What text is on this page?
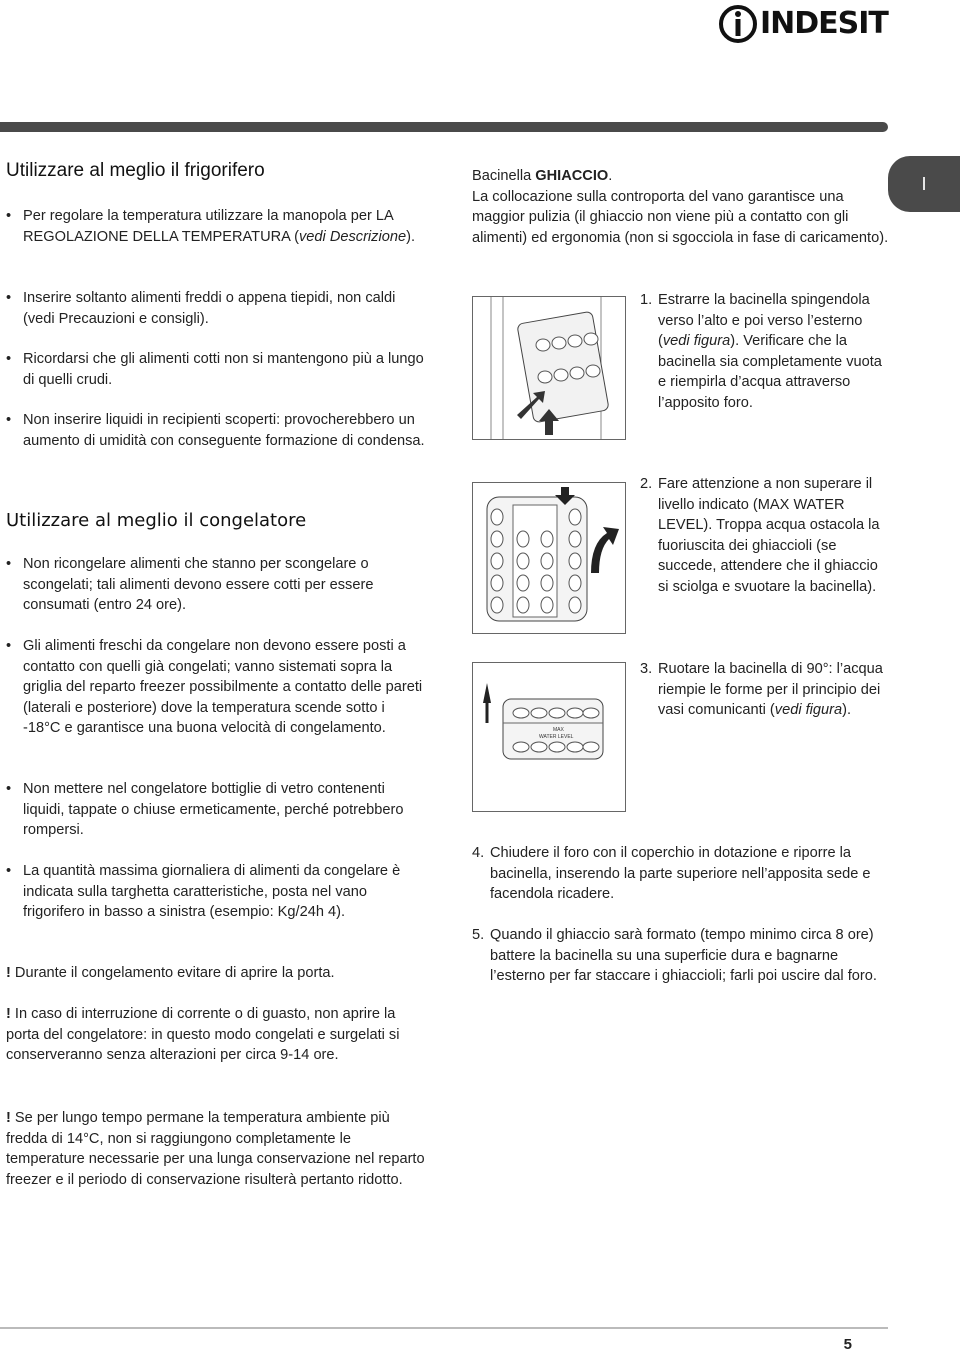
INDESIT
I
Utilizzare al meglio il frigorifero
• Per regolare la temperatura utilizzare la manopola per LA REGOLAZIONE DELLA TEMPERATURA (vedi Descrizione).
• Inserire soltanto alimenti freddi o appena tiepidi, non caldi (vedi Precauzioni e consigli).
• Ricordarsi che gli alimenti cotti non si mantengono più a lungo di quelli crudi.
• Non inserire liquidi in recipienti scoperti: provocherebbero un aumento di umidità con conseguente formazione di condensa.
Utilizzare al meglio il congelatore
• Non ricongelare alimenti che stanno per scongelare o scongelati; tali alimenti devono essere cotti per essere consumati (entro 24 ore).
• Gli alimenti freschi da congelare non devono essere posti a contatto con quelli già congelati; vanno sistemati sopra la griglia del reparto freezer possibilmente a contatto delle pareti (laterali e posteriore) dove la temperatura scende sotto i -18°C e garantisce una buona velocità di congelamento.
• Non mettere nel congelatore bottiglie di vetro contenenti liquidi, tappate o chiuse ermeticamente, perché potrebbero rompersi.
• La quantità massima giornaliera di alimenti da congelare è indicata sulla targhetta caratteristiche, posta nel vano frigorifero in basso a sinistra (esempio: Kg/24h 4).
! Durante il congelamento evitare di aprire la porta.
! In caso di interruzione di corrente o di guasto, non aprire la porta del congelatore: in questo modo congelati e surgelati si conserveranno senza alterazioni per circa 9-14 ore.
! Se per lungo tempo permane la temperatura ambiente più fredda di 14°C, non si raggiungono completamente le temperature necessarie per una lunga conservazione nel reparto freezer e il periodo di conservazione risulterà pertanto ridotto.
Bacinella GHIACCIO.
La collocazione sulla controporta del vano garantisce una maggior pulizia (il ghiaccio non viene più a contatto con gli alimenti) ed ergonomia (non si sgocciola in fase di caricamento).
1. Estrarre la bacinella spingendola verso l’alto e poi verso l’esterno (vedi figura). Verificare che la bacinella sia completamente vuota e riempirla d’acqua attraverso l’apposito foro.
2. Fare attenzione a non superare il livello indicato (MAX WATER LEVEL). Troppa acqua ostacola la fuoriuscita dei ghiaccioli (se succede, attendere che il ghiaccio si sciolga e svuotare la bacinella).
MAX
WATER LEVEL
3. Ruotare la bacinella di 90°: l’acqua riempie le forme per il principio dei vasi comunicanti (vedi figura).
4. Chiudere il foro con il coperchio in dotazione e riporre la bacinella, inserendo la parte superiore nell’apposita sede e facendola ricadere.
5. Quando il ghiaccio sarà formato (tempo minimo circa 8 ore) battere la bacinella su una superficie dura e bagnarne l’esterno per far staccare i ghiaccioli; farli poi uscire dal foro.
5
